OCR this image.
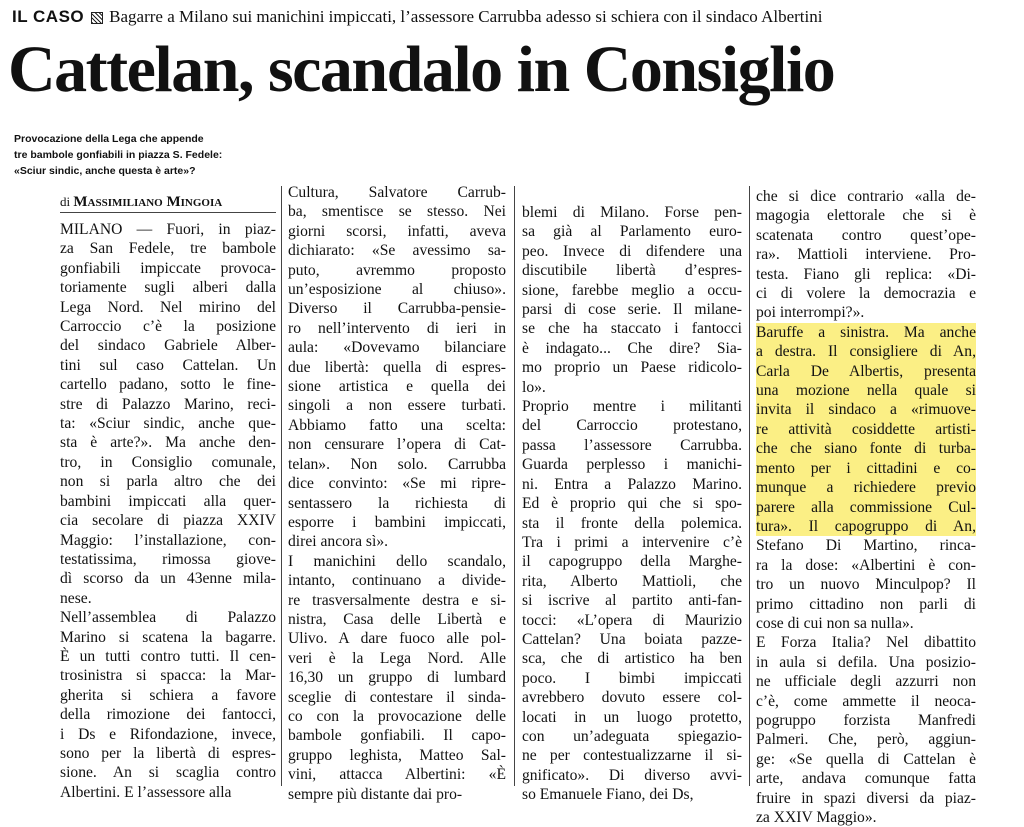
IL CASO Bagarre a Milano sui manichini impiccati, l’assessore Carrubba adesso si schiera con il sindaco Albertini
Cattelan, scandalo in Consiglio
Provocazione della Lega che appende
tre bambole gonfiabili in piazza S. Fedele:
«Sciur sindic, anche questa è arte»?
di Massimiliano Mingoia
MILANO — Fuori, in piaz-
za San Fedele, tre bambole
gonfiabili impiccate provoca-
toriamente sugli alberi dalla
Lega Nord. Nel mirino del
Carroccio c’è la posizione
del sindaco Gabriele Alber-
tini sul caso Cattelan. Un
cartello padano, sotto le fine-
stre di Palazzo Marino, reci-
ta: «Sciur sindic, anche que-
sta è arte?». Ma anche den-
tro, in Consiglio comunale,
non si parla altro che dei
bambini impiccati alla quer-
cia secolare di piazza XXIV
Maggio: l’installazione, con-
testatissima, rimossa giove-
dì scorso da un 43enne mila-
nese.
Nell’assemblea di Palazzo
Marino si scatena la bagarre.
È un tutti contro tutti. Il cen-
trosinistra si spacca: la Mar-
gherita si schiera a favore
della rimozione dei fantocci,
i Ds e Rifondazione, invece,
sono per la libertà di espres-
sione. An si scaglia contro
Albertini. E l’assessore alla
Cultura, Salvatore Carrub-
ba, smentisce se stesso. Nei
giorni scorsi, infatti, aveva
dichiarato: «Se avessimo sa-
puto, avremmo proposto
un’esposizione al chiuso».
Diverso il Carrubba-pensie-
ro nell’intervento di ieri in
aula: «Dovevamo bilanciare
due libertà: quella di espres-
sione artistica e quella dei
singoli a non essere turbati.
Abbiamo fatto una scelta:
non censurare l’opera di Cat-
telan». Non solo. Carrubba
dice convinto: «Se mi ripre-
sentassero la richiesta di
esporre i bambini impiccati,
direi ancora sì».
I manichini dello scandalo,
intanto, continuano a divide-
re trasversalmente destra e si-
nistra, Casa delle Libertà e
Ulivo. A dare fuoco alle pol-
veri è la Lega Nord. Alle
16,30 un gruppo di lumbard
sceglie di contestare il sinda-
co con la provocazione delle
bambole gonfiabili. Il capo-
gruppo leghista, Matteo Sal-
vini, attacca Albertini: «È
sempre più distante dai pro-
blemi di Milano. Forse pen-
sa già al Parlamento euro-
peo. Invece di difendere una
discutibile libertà d’espres-
sione, farebbe meglio a occu-
parsi di cose serie. Il milane-
se che ha staccato i fantocci
è indagato... Che dire? Sia-
mo proprio un Paese ridicolo-
lo».
Proprio mentre i militanti
del Carroccio protestano,
passa l’assessore Carrubba.
Guarda perplesso i manichi-
ni. Entra a Palazzo Marino.
Ed è proprio qui che si spo-
sta il fronte della polemica.
Tra i primi a intervenire c’è
il capogruppo della Marghe-
rita, Alberto Mattioli, che
si iscrive al partito anti-fan-
tocci: «L’opera di Maurizio
Cattelan? Una boiata pazze-
sca, che di artistico ha ben
poco. I bimbi impiccati
avrebbero dovuto essere col-
locati in un luogo protetto,
con un’adeguata spiegazio-
ne per contestualizzarne il si-
gnificato». Di diverso avvi-
so Emanuele Fiano, dei Ds,
che si dice contrario «alla de-
magogia elettorale che si è
scatenata contro quest’ope-
ra». Mattioli interviene. Pro-
testa. Fiano gli replica: «Di-
ci di volere la democrazia e
poi interrompi?».
Baruffe a sinistra. Ma anche
a destra. Il consigliere di An,
Carla De Albertis, presenta
una mozione nella quale si
invita il sindaco a «rimuove-
re attività cosiddette artisti-
che che siano fonte di turba-
mento per i cittadini e co-
munque a richiedere previo
parere alla commissione Cul-
tura». Il capogruppo di An,
Stefano Di Martino, rinca-
ra la dose: «Albertini è con-
tro un nuovo Minculpop? Il
primo cittadino non parli di
cose di cui non sa nulla».
E Forza Italia? Nel dibattito
in aula si defila. Una posizio-
ne ufficiale degli azzurri non
c’è, come ammette il neoca-
pogruppo forzista Manfredi
Palmeri. Che, però, aggiun-
ge: «Se quella di Cattelan è
arte, andava comunque fatta
fruire in spazi diversi da piaz-
za XXIV Maggio».
